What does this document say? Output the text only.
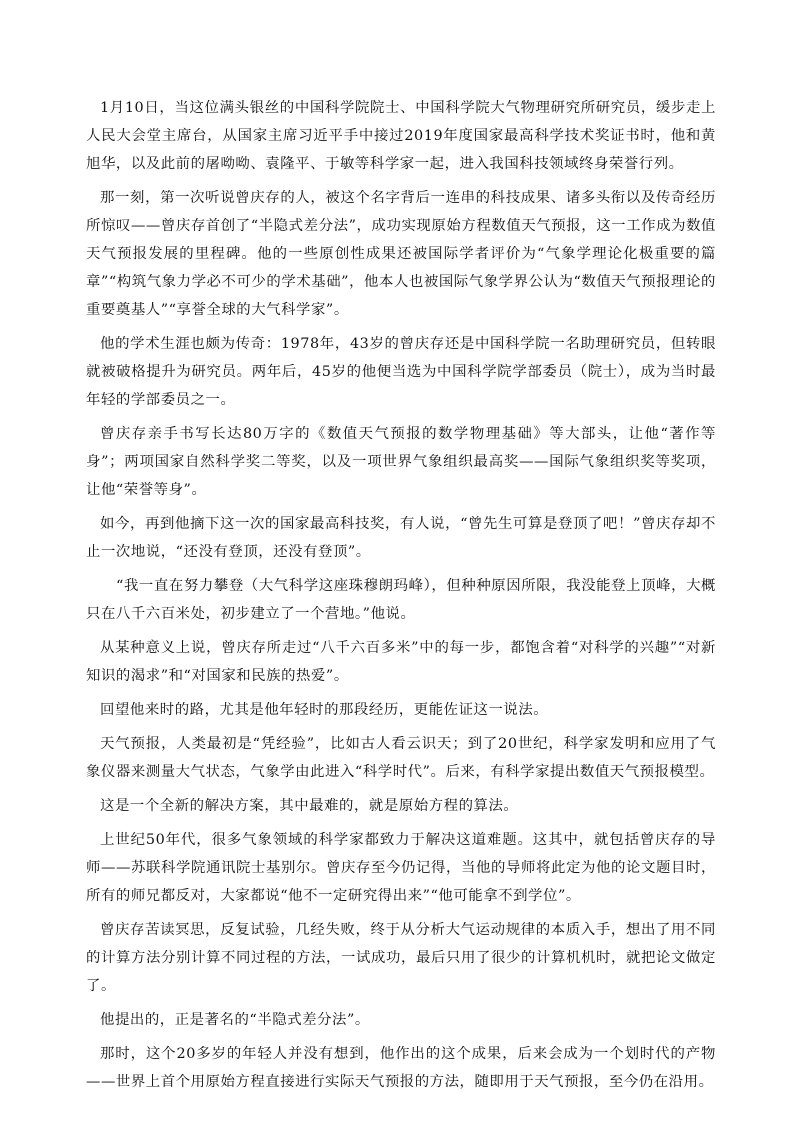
1月10日，当这位满头银丝的中国科学院院士、中国科学院大气物理研究所研究员，缓步走上人民大会堂主席台，从国家主席习近平手中接过2019年度国家最高科学技术奖证书时，他和黄旭华，以及此前的屠呦呦、袁隆平、于敏等科学家一起，进入我国科技领域终身荣誉行列。

那一刻，第一次听说曾庆存的人，被这个名字背后一连串的科技成果、诸多头衔以及传奇经历所惊叹——曾庆存首创了“半隐式差分法”，成功实现原始方程数值天气预报，这一工作成为数值天气预报发展的里程碑。他的一些原创性成果还被国际学者评价为“气象学理论化极重要的篇章”“构筑气象力学必不可少的学术基础”，他本人也被国际气象学界公认为“数值天气预报理论的重要奠基人”“享誉全球的大气科学家”。

他的学术生涯也颇为传奇：1978年，43岁的曾庆存还是中国科学院一名助理研究员，但转眼就被破格提升为研究员。两年后，45岁的他便当选为中国科学院学部委员（院士），成为当时最年轻的学部委员之一。

曾庆存亲手书写长达80万字的《数值天气预报的数学物理基础》等大部头，让他“著作等身”；两项国家自然科学奖二等奖，以及一项世界气象组织最高奖——国际气象组织奖等奖项，让他“荣誉等身”。

如今，再到他摘下这一次的国家最高科技奖，有人说，“曾先生可算是登顶了吧！”曾庆存却不止一次地说，“还没有登顶，还没有登顶”。

“我一直在努力攀登（大气科学这座珠穆朗玛峰），但种种原因所限，我没能登上顶峰，大概只在八千六百米处，初步建立了一个营地。”他说。

从某种意义上说，曾庆存所走过“八千六百多米”中的每一步，都饱含着“对科学的兴趣”“对新知识的渴求”和“对国家和民族的热爱”。

回望他来时的路，尤其是他年轻时的那段经历，更能佐证这一说法。

天气预报，人类最初是“凭经验”，比如古人看云识天；到了20世纪，科学家发明和应用了气象仪器来测量大气状态，气象学由此进入“科学时代”。后来，有科学家提出数值天气预报模型。

这是一个全新的解决方案，其中最难的，就是原始方程的算法。

上世纪50年代，很多气象领域的科学家都致力于解决这道难题。这其中，就包括曾庆存的导师——苏联科学院通讯院士基别尔。曾庆存至今仍记得，当他的导师将此定为他的论文题目时，所有的师兄都反对，大家都说“他不一定研究得出来”“他可能拿不到学位”。

曾庆存苦读冥思，反复试验，几经失败，终于从分析大气运动规律的本质入手，想出了用不同的计算方法分别计算不同过程的方法，一试成功，最后只用了很少的计算机机时，就把论文做定了。

他提出的，正是著名的“半隐式差分法”。

那时，这个20多岁的年轻人并没有想到，他作出的这个成果，后来会成为一个划时代的产物——世界上首个用原始方程直接进行实际天气预报的方法，随即用于天气预报，至今仍在沿用。
